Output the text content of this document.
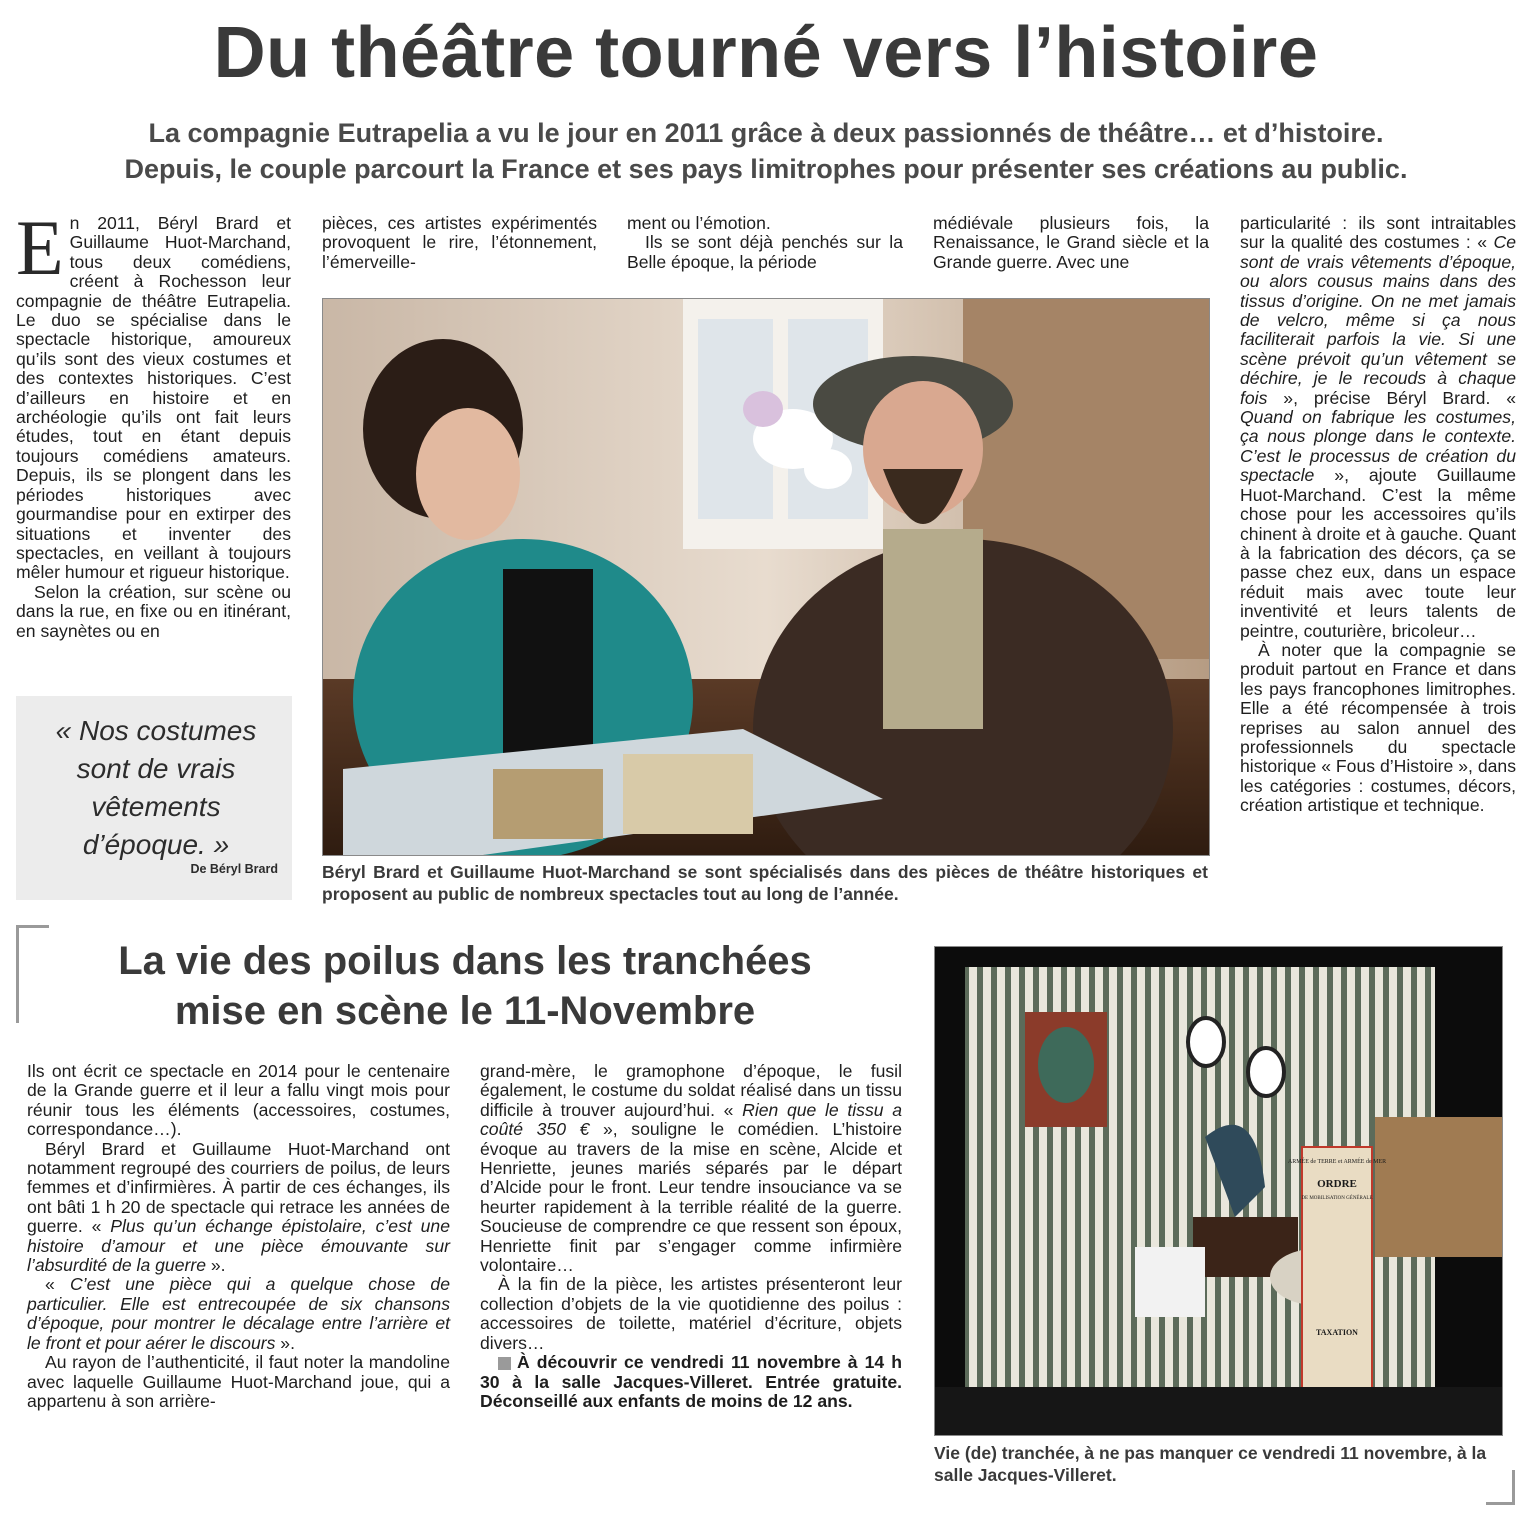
Du théâtre tourné vers l’histoire
La compagnie Eutrapelia a vu le jour en 2011 grâce à deux passionnés de théâtre… et d’histoire.
Depuis, le couple parcourt la France et ses pays limitrophes pour présenter ses créations au public.

En 2011, Béryl Brard et Guillaume Huot-Marchand, tous deux comédiens, créent à Rochesson leur compagnie de théâtre Eutrapelia. Le duo se spécialise dans le spectacle historique, amoureux qu’ils sont des vieux costumes et des contextes historiques. C’est d’ailleurs en histoire et en archéologie qu’ils ont fait leurs études, tout en étant depuis toujours comédiens amateurs. Depuis, ils se plongent dans les périodes historiques avec gourmandise pour en extirper des situations et inventer des spectacles, en veillant à toujours mêler humour et rigueur historique.

Selon la création, sur scène ou dans la rue, en fixe ou en itinérant, en saynètes ou en

« Nos costumes sont de vrais vêtements d’époque. »
De Béryl Brard

pièces, ces artistes expérimentés provoquent le rire, l’étonnement, l’émerveille-

ment ou l’émotion.

Ils se sont déjà penchés sur la Belle époque, la période

médiévale plusieurs fois, la Renaissance, le Grand siècle et la Grande guerre. Avec une

Béryl Brard et Guillaume Huot-Marchand se sont spécialisés dans des pièces de théâtre historiques et proposent au public de nombreux spectacles tout au long de l’année.

particularité : ils sont intraitables sur la qualité des costumes : « Ce sont de vrais vêtements d’époque, ou alors cousus mains dans des tissus d’origine. On ne met jamais de velcro, même si ça nous faciliterait parfois la vie. Si une scène prévoit qu’un vêtement se déchire, je le recouds à chaque fois », précise Béryl Brard. « Quand on fabrique les costumes, ça nous plonge dans le contexte. C’est le processus de création du spectacle », ajoute Guillaume Huot-Marchand. C’est la même chose pour les accessoires qu’ils chinent à droite et à gauche. Quant à la fabrication des décors, ça se passe chez eux, dans un espace réduit mais avec toute leur inventivité et leurs talents de peintre, couturière, bricoleur…

À noter que la compagnie se produit partout en France et dans les pays francophones limitrophes. Elle a été récompensée à trois reprises au salon annuel des professionnels du spectacle historique « Fous d’Histoire », dans les catégories : costumes, décors, création artistique et technique.

La vie des poilus dans les tranchées
mise en scène le 11-Novembre

Ils ont écrit ce spectacle en 2014 pour le centenaire de la Grande guerre et il leur a fallu vingt mois pour réunir tous les éléments (accessoires, costumes, correspondance…).

Béryl Brard et Guillaume Huot-Marchand ont notamment regroupé des courriers de poilus, de leurs femmes et d’infirmières. À partir de ces échanges, ils ont bâti 1 h 20 de spectacle qui retrace les années de guerre. « Plus qu’un échange épistolaire, c’est une histoire d’amour et une pièce émouvante sur l’absurdité de la guerre ».

« C’est une pièce qui a quelque chose de particulier. Elle est entrecoupée de six chansons d’époque, pour montrer le décalage entre l’arrière et le front et pour aérer le discours ».

Au rayon de l’authenticité, il faut noter la mandoline avec laquelle Guillaume Huot-Marchand joue, qui a appartenu à son arrière-

grand-mère, le gramophone d’époque, le fusil également, le costume du soldat réalisé dans un tissu difficile à trouver aujourd’hui. « Rien que le tissu a coûté 350 € », souligne le comédien. L’histoire évoque au travers de la mise en scène, Alcide et Henriette, jeunes mariés séparés par le départ d’Alcide pour le front. Leur tendre insouciance va se heurter rapidement à la terrible réalité de la guerre. Soucieuse de comprendre ce que ressent son époux, Henriette finit par s’engager comme infirmière volontaire…

À la fin de la pièce, les artistes présenteront leur collection d’objets de la vie quotidienne des poilus : accessoires de toilette, matériel d’écriture, objets divers…

À découvrir ce vendredi 11 novembre à 14 h 30 à la salle Jacques-Villeret. Entrée gratuite. Déconseillé aux enfants de moins de 12 ans.

ARMÉE de TERRE et ARMÉE de MER
ORDRE
DE MOBILISATION GÉNÉRALE
TAXATION
Vie (de) tranchée, à ne pas manquer ce vendredi 11 novembre, à la salle Jacques-Villeret.
